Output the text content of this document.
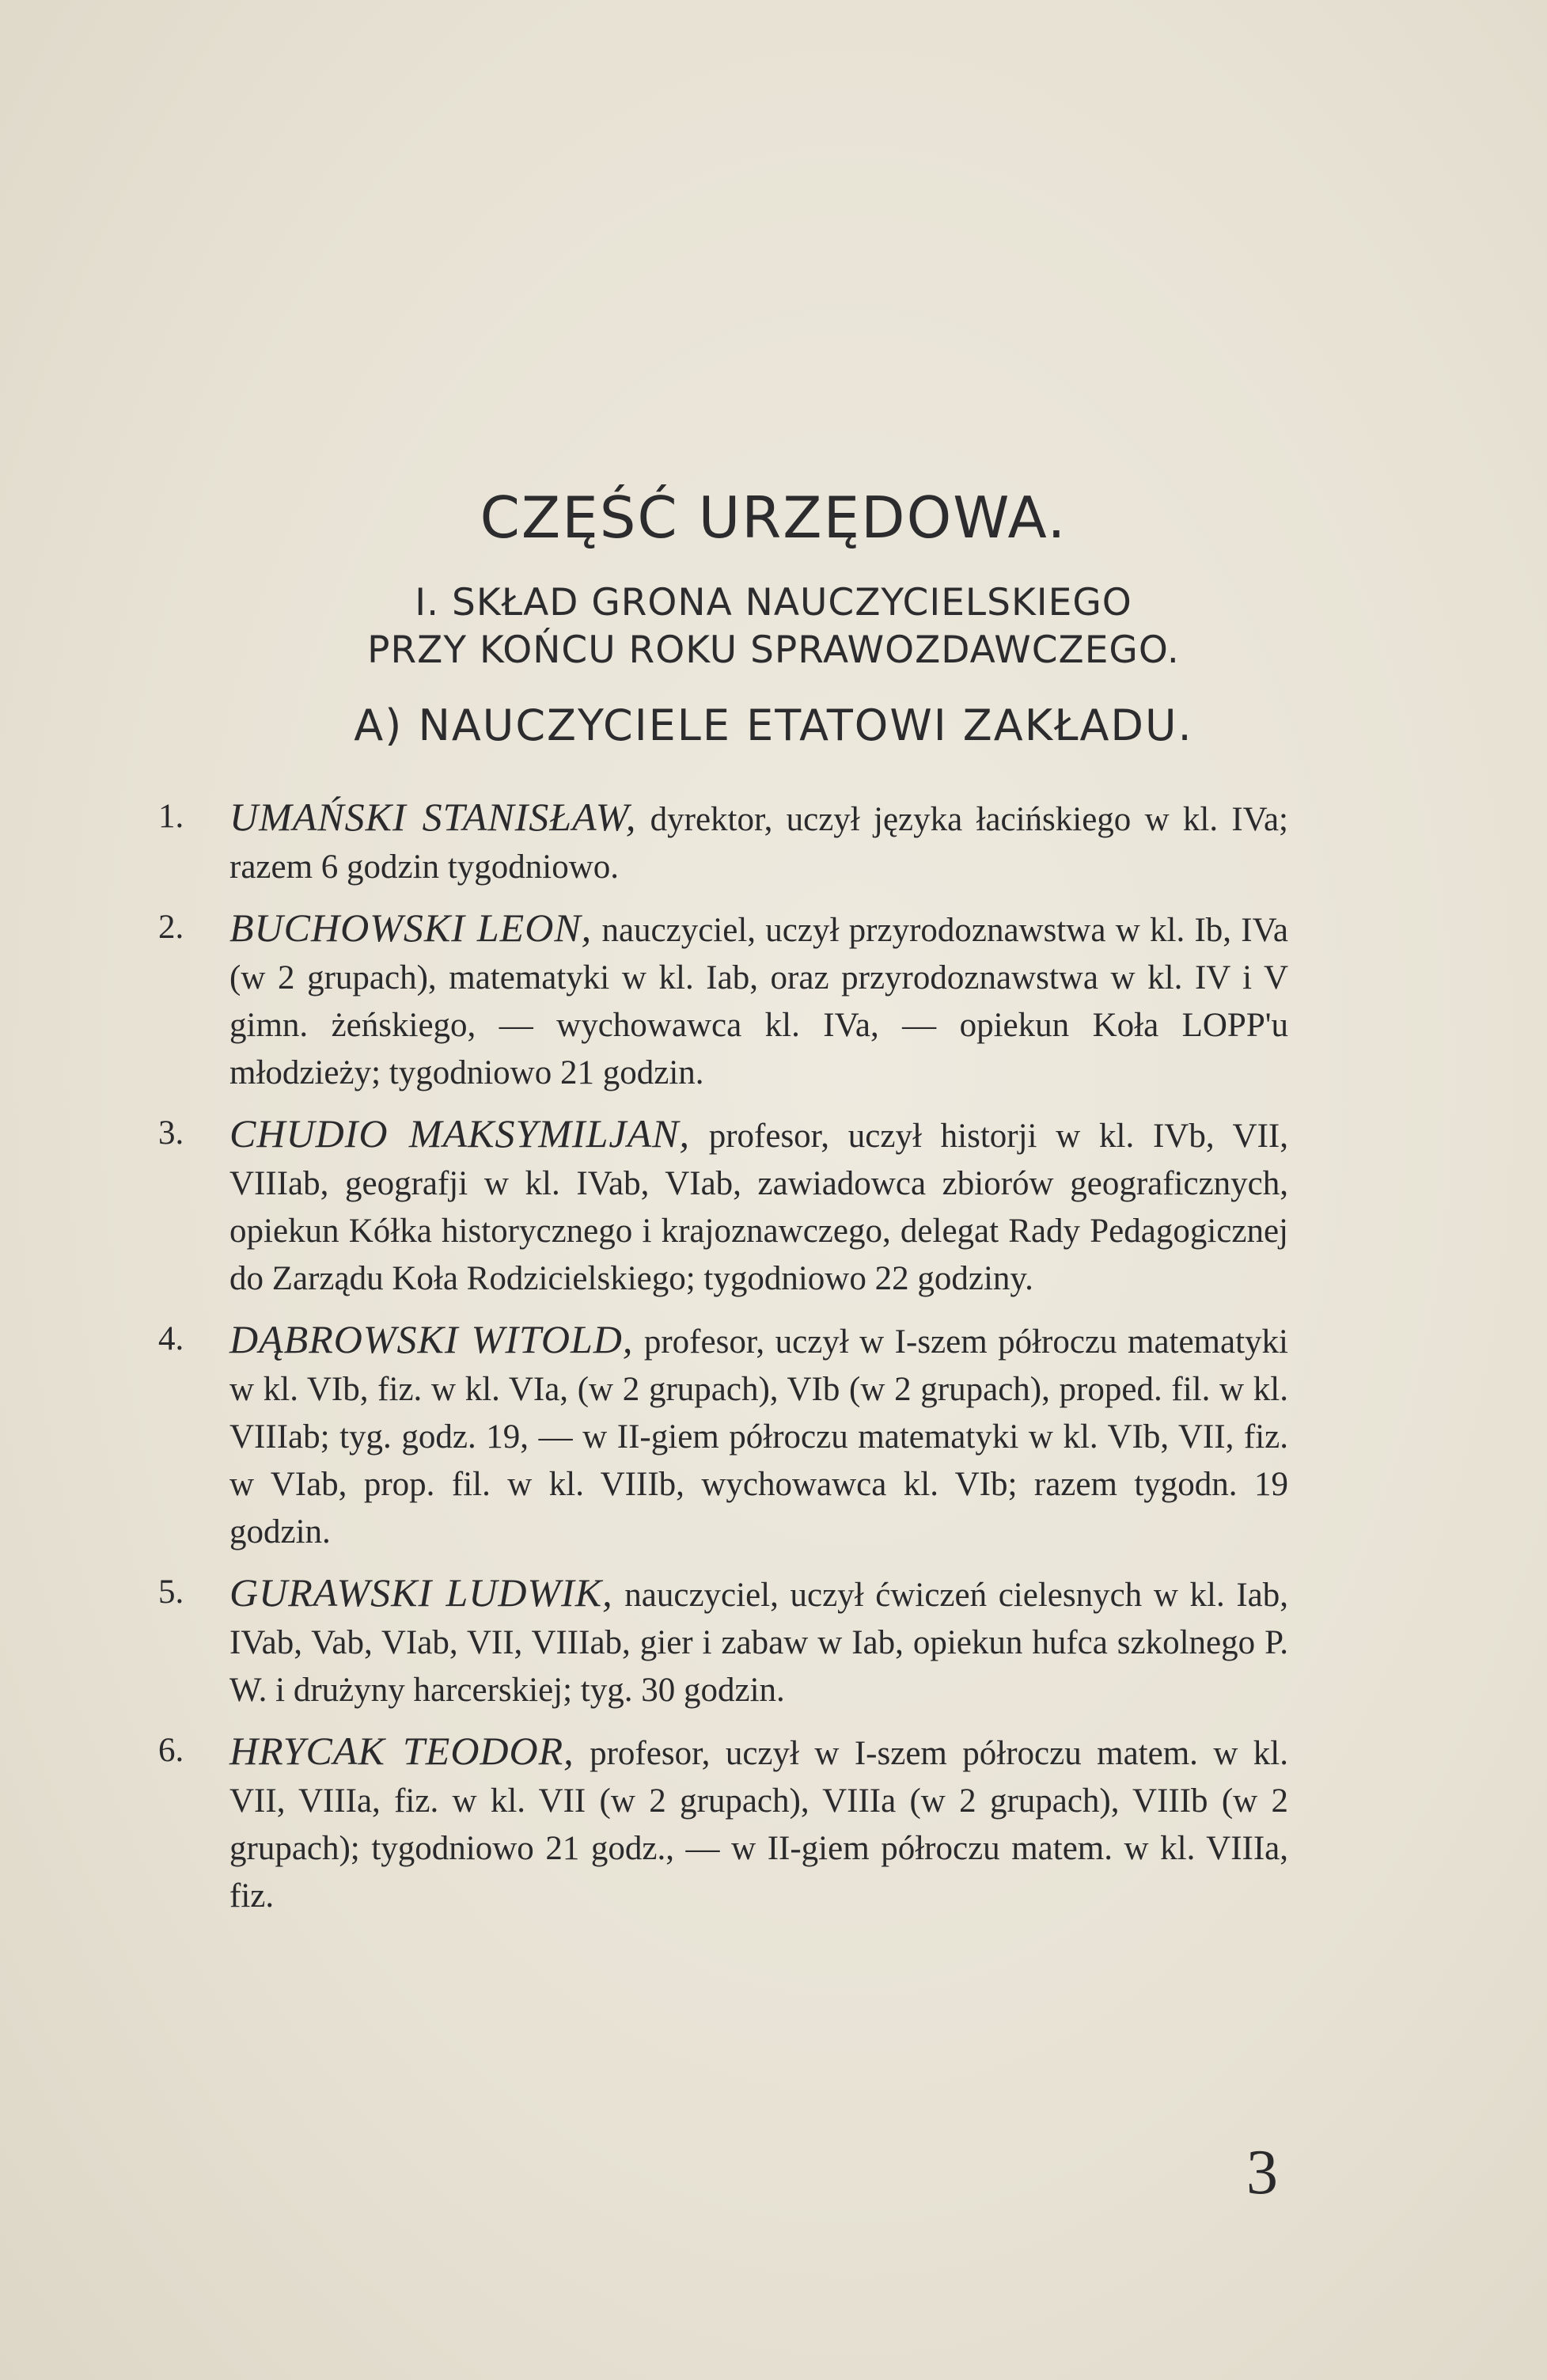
CZĘŚĆ URZĘDOWA.
I. SKŁAD GRONA NAUCZYCIELSKIEGO
PRZY KOŃCU ROKU SPRAWOZDAWCZEGO.
A) NAUCZYCIELE ETATOWI ZAKŁADU.
1. UMAŃSKI STANISŁAW, dyrektor, uczył języka łacińskiego w kl. IVa; razem 6 godzin tygodniowo.
2. BUCHOWSKI LEON, nauczyciel, uczył przyrodoznawstwa w kl. Ib, IVa (w 2 grupach), matematyki w kl. Iab, oraz przyrodoznawstwa w kl. IV i V gimn. żeńskiego, — wychowawca kl. IVa, — opiekun Koła LOPP'u młodzieży; tygodniowo 21 godzin.
3. CHUDIO MAKSYMILJAN, profesor, uczył historji w kl. IVb, VII, VIIIab, geografji w kl. IVab, VIab, zawiadowca zbiorów geograficznych, opiekun Kółka historycznego i krajoznawczego, delegat Rady Pedagogicznej do Zarządu Koła Rodzicielskiego; tygodniowo 22 godziny.
4. DĄBROWSKI WITOLD, profesor, uczył w I-szem półroczu matematyki w kl. VIb, fiz. w kl. VIa, (w 2 grupach), VIb (w 2 grupach), proped. fil. w kl. VIIIab; tyg. godz. 19, — w II-giem półroczu matematyki w kl. VIb, VII, fiz. w VIab, prop. fil. w kl. VIIIb, wychowawca kl. VIb; razem tygodn. 19 godzin.
5. GURAWSKI LUDWIK, nauczyciel, uczył ćwiczeń cielesnych w kl. Iab, IVab, Vab, VIab, VII, VIIIab, gier i zabaw w Iab, opiekun hufca szkolnego P. W. i drużyny harcerskiej; tyg. 30 godzin.
6. HRYCAK TEODOR, profesor, uczył w I-szem półroczu matem. w kl. VII, VIIIa, fiz. w kl. VII (w 2 grupach), VIIIa (w 2 grupach), VIIIb (w 2 grupach); tygodniowo 21 godz., — w II-giem półroczu matem. w kl. VIIIa, fiz.
3
